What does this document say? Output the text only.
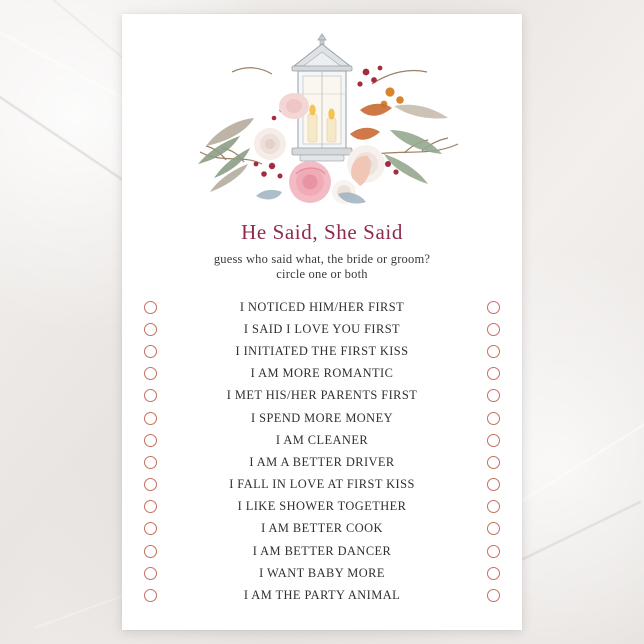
He Said, She Said
guess who said what, the bride or groom?
circle one or both
I NOTICED HIM/HER FIRST
I SAID I LOVE YOU FIRST
I INITIATED THE FIRST KISS
I AM MORE ROMANTIC
I MET HIS/HER PARENTS FIRST
I SPEND MORE MONEY
I AM CLEANER
I AM A BETTER DRIVER
I FALL IN LOVE AT FIRST KISS
I LIKE SHOWER TOGETHER
I AM BETTER COOK
I AM BETTER DANCER
I WANT BABY MORE
I AM THE PARTY ANIMAL
